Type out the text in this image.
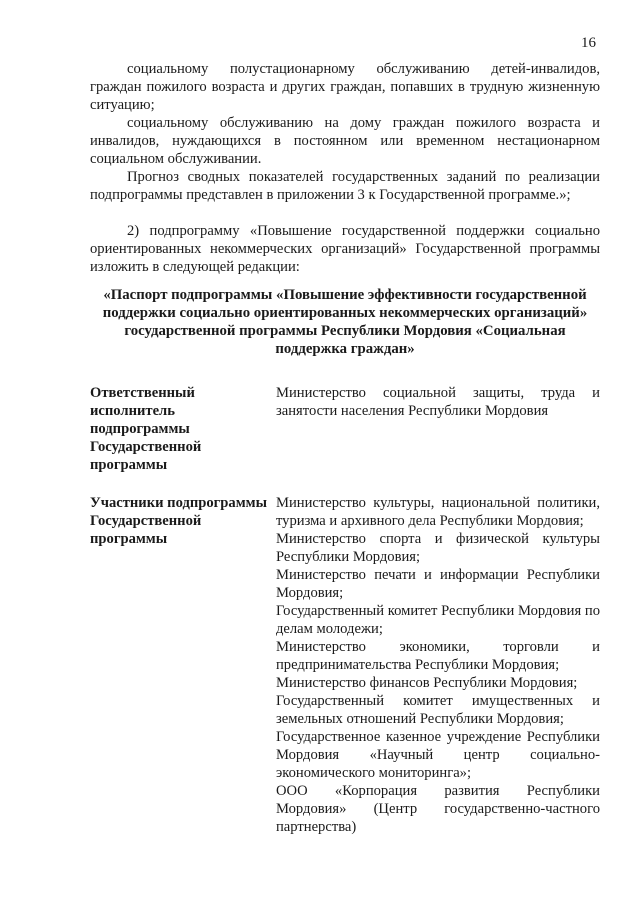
16

социальному полустационарному обслуживанию детей-инвалидов, граждан пожилого возраста и других граждан, попавших в трудную жизненную ситуацию;

социальному обслуживанию на дому граждан пожилого возраста и инвалидов, нуждающихся в постоянном или временном нестационарном социальном обслуживании.

Прогноз сводных показателей государственных заданий по реализации подпрограммы представлен в приложении 3 к Государственной программе.»;

2) подпрограмму «Повышение государственной поддержки социально ориентированных некоммерческих организаций» Государственной программы изложить в следующей редакции:

«Паспорт подпрограммы «Повышение эффективности государственной поддержки социально ориентированных некоммерческих организаций» государственной программы Республики Мордовия «Социальная поддержка граждан»

Ответственный исполнитель подпрограммы Государственной программы
Министерство социальной защиты, труда и занятости населения Республики Мордовия
Участники подпрограммы Государственной программы
Министерство культуры, национальной политики, туризма и архивного дела Республики Мордовия;
Министерство спорта и физической культуры Республики Мордовия;
Министерство печати и информации Республики Мордовия;
Государственный комитет Республики Мордовия по делам молодежи;
Министерство экономики, торговли и предпринимательства Республики Мордовия;
Министерство финансов Республики Мордовия;
Государственный комитет имущественных и земельных отношений Республики Мордовия;
Государственное казенное учреждение Республики Мордовия «Научный центр социально-экономического мониторинга»;
ООО «Корпорация развития Республики Мордовия» (Центр государственно-частного партнерства)
